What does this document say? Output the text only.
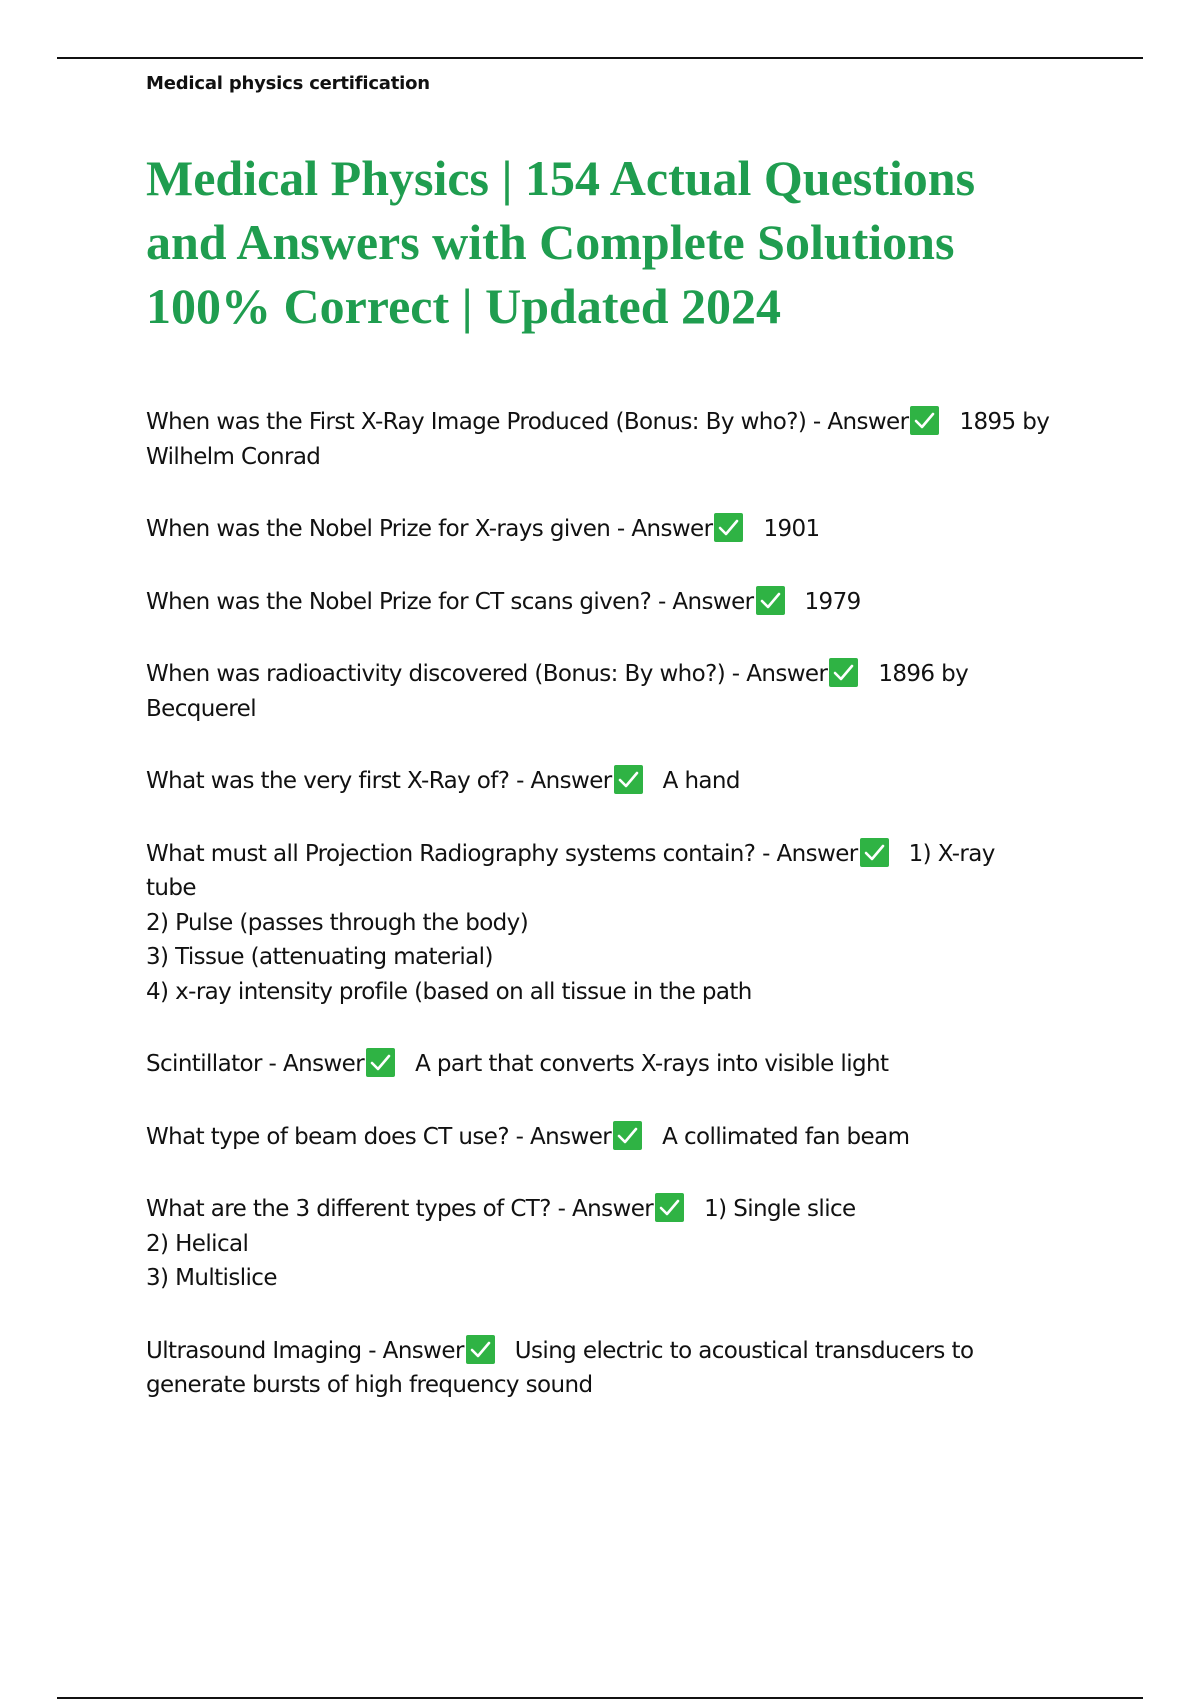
Medical physics certification
Medical Physics | 154 Actual Questions
and Answers with Complete Solutions
100% Correct | Updated 2024
When was the First X-Ray Image Produced (Bonus: By who?) - Answer 1895 by
Wilhelm Conrad
When was the Nobel Prize for X-rays given - Answer 1901
When was the Nobel Prize for CT scans given? - Answer 1979
When was radioactivity discovered (Bonus: By who?) - Answer 1896 by
Becquerel
What was the very first X-Ray of? - Answer A hand
What must all Projection Radiography systems contain? - Answer 1) X-ray
tube
2) Pulse (passes through the body)
3) Tissue (attenuating material)
4) x-ray intensity profile (based on all tissue in the path
Scintillator - Answer A part that converts X-rays into visible light
What type of beam does CT use? - Answer A collimated fan beam
What are the 3 different types of CT? - Answer 1) Single slice
2) Helical
3) Multislice
Ultrasound Imaging - Answer Using electric to acoustical transducers to
generate bursts of high frequency sound
